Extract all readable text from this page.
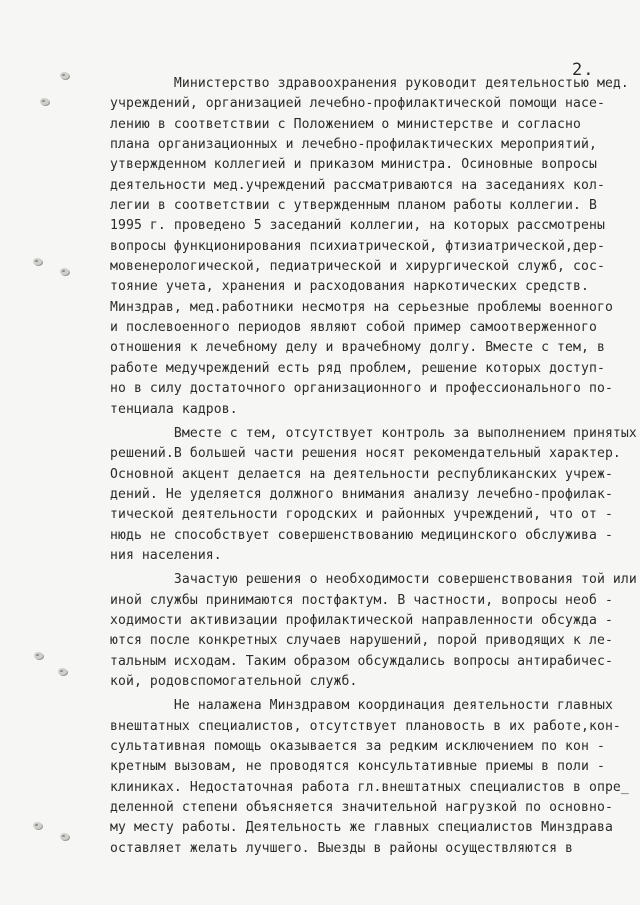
2.
Министерство здравоохранения руководит деятельностью мед.
учреждений, организацией лечебно-профилактической помощи насе-
лению в соответствии с Положением о министерстве и согласно
плана организационных и лечебно-профилактических мероприятий,
утвержденном коллегией и приказом министра. Осиновные вопросы
деятельности мед.учреждений рассматриваются на заседаниях кол-
легии в соответствии с утвержденным планом работы коллегии. В
1995 г. проведено 5 заседаний коллегии, на которых рассмотрены
вопросы функционирования психиатрической, фтизиатрической,дер-
мовенерологической, педиатрической и хирургической служб, сос-
тояние учета, хранения и расходования наркотических средств.
Минздрав, мед.работники несмотря на серьезные проблемы военного
и послевоенного периодов являют собой пример самоотверженного
отношения к лечебному делу и врачебному долгу. Вместе с тем, в
работе медучреждений есть ряд проблем, решение которых доступ-
но в силу достаточного организационного и профессионального по-
тенциала кадров.
Вместе с тем, отсутствует контроль за выполнением принятых
решений.В большей части решения носят рекомендательный характер.
Основной акцент делается на деятельности республиканских учреж-
дений. Не уделяется должного внимания анализу лечебно-профилак-
тической деятельности городских и районных учреждений, что от -
нюдь не способствует совершенствованию медицинского обслужива -
ния населения.
Зачастую решения о необходимости совершенствования той или
иной службы принимаются постфактум. В частности, вопросы необ -
ходимости активизации профилактической направленности обсужда -
ются после конкретных случаев нарушений, порой приводящих к ле-
тальным исходам. Таким образом обсуждались вопросы антирабичес-
кой, родовспомогательной служб.
Не налажена Минздравом координация деятельности главных
внештатных специалистов, отсутствует плановость в их работе,кон-
сультативная помощь оказывается за редким исключением по кон -
кретным вызовам, не проводятся консультативные приемы в поли -
клиниках. Недостаточная работа гл.внештатных специалистов в опре_
деленной степени объясняется значительной нагрузкой по основно-
му месту работы. Деятельность же главных специалистов Минздрава
оставляет желать лучшего. Выезды в районы осуществляются в
